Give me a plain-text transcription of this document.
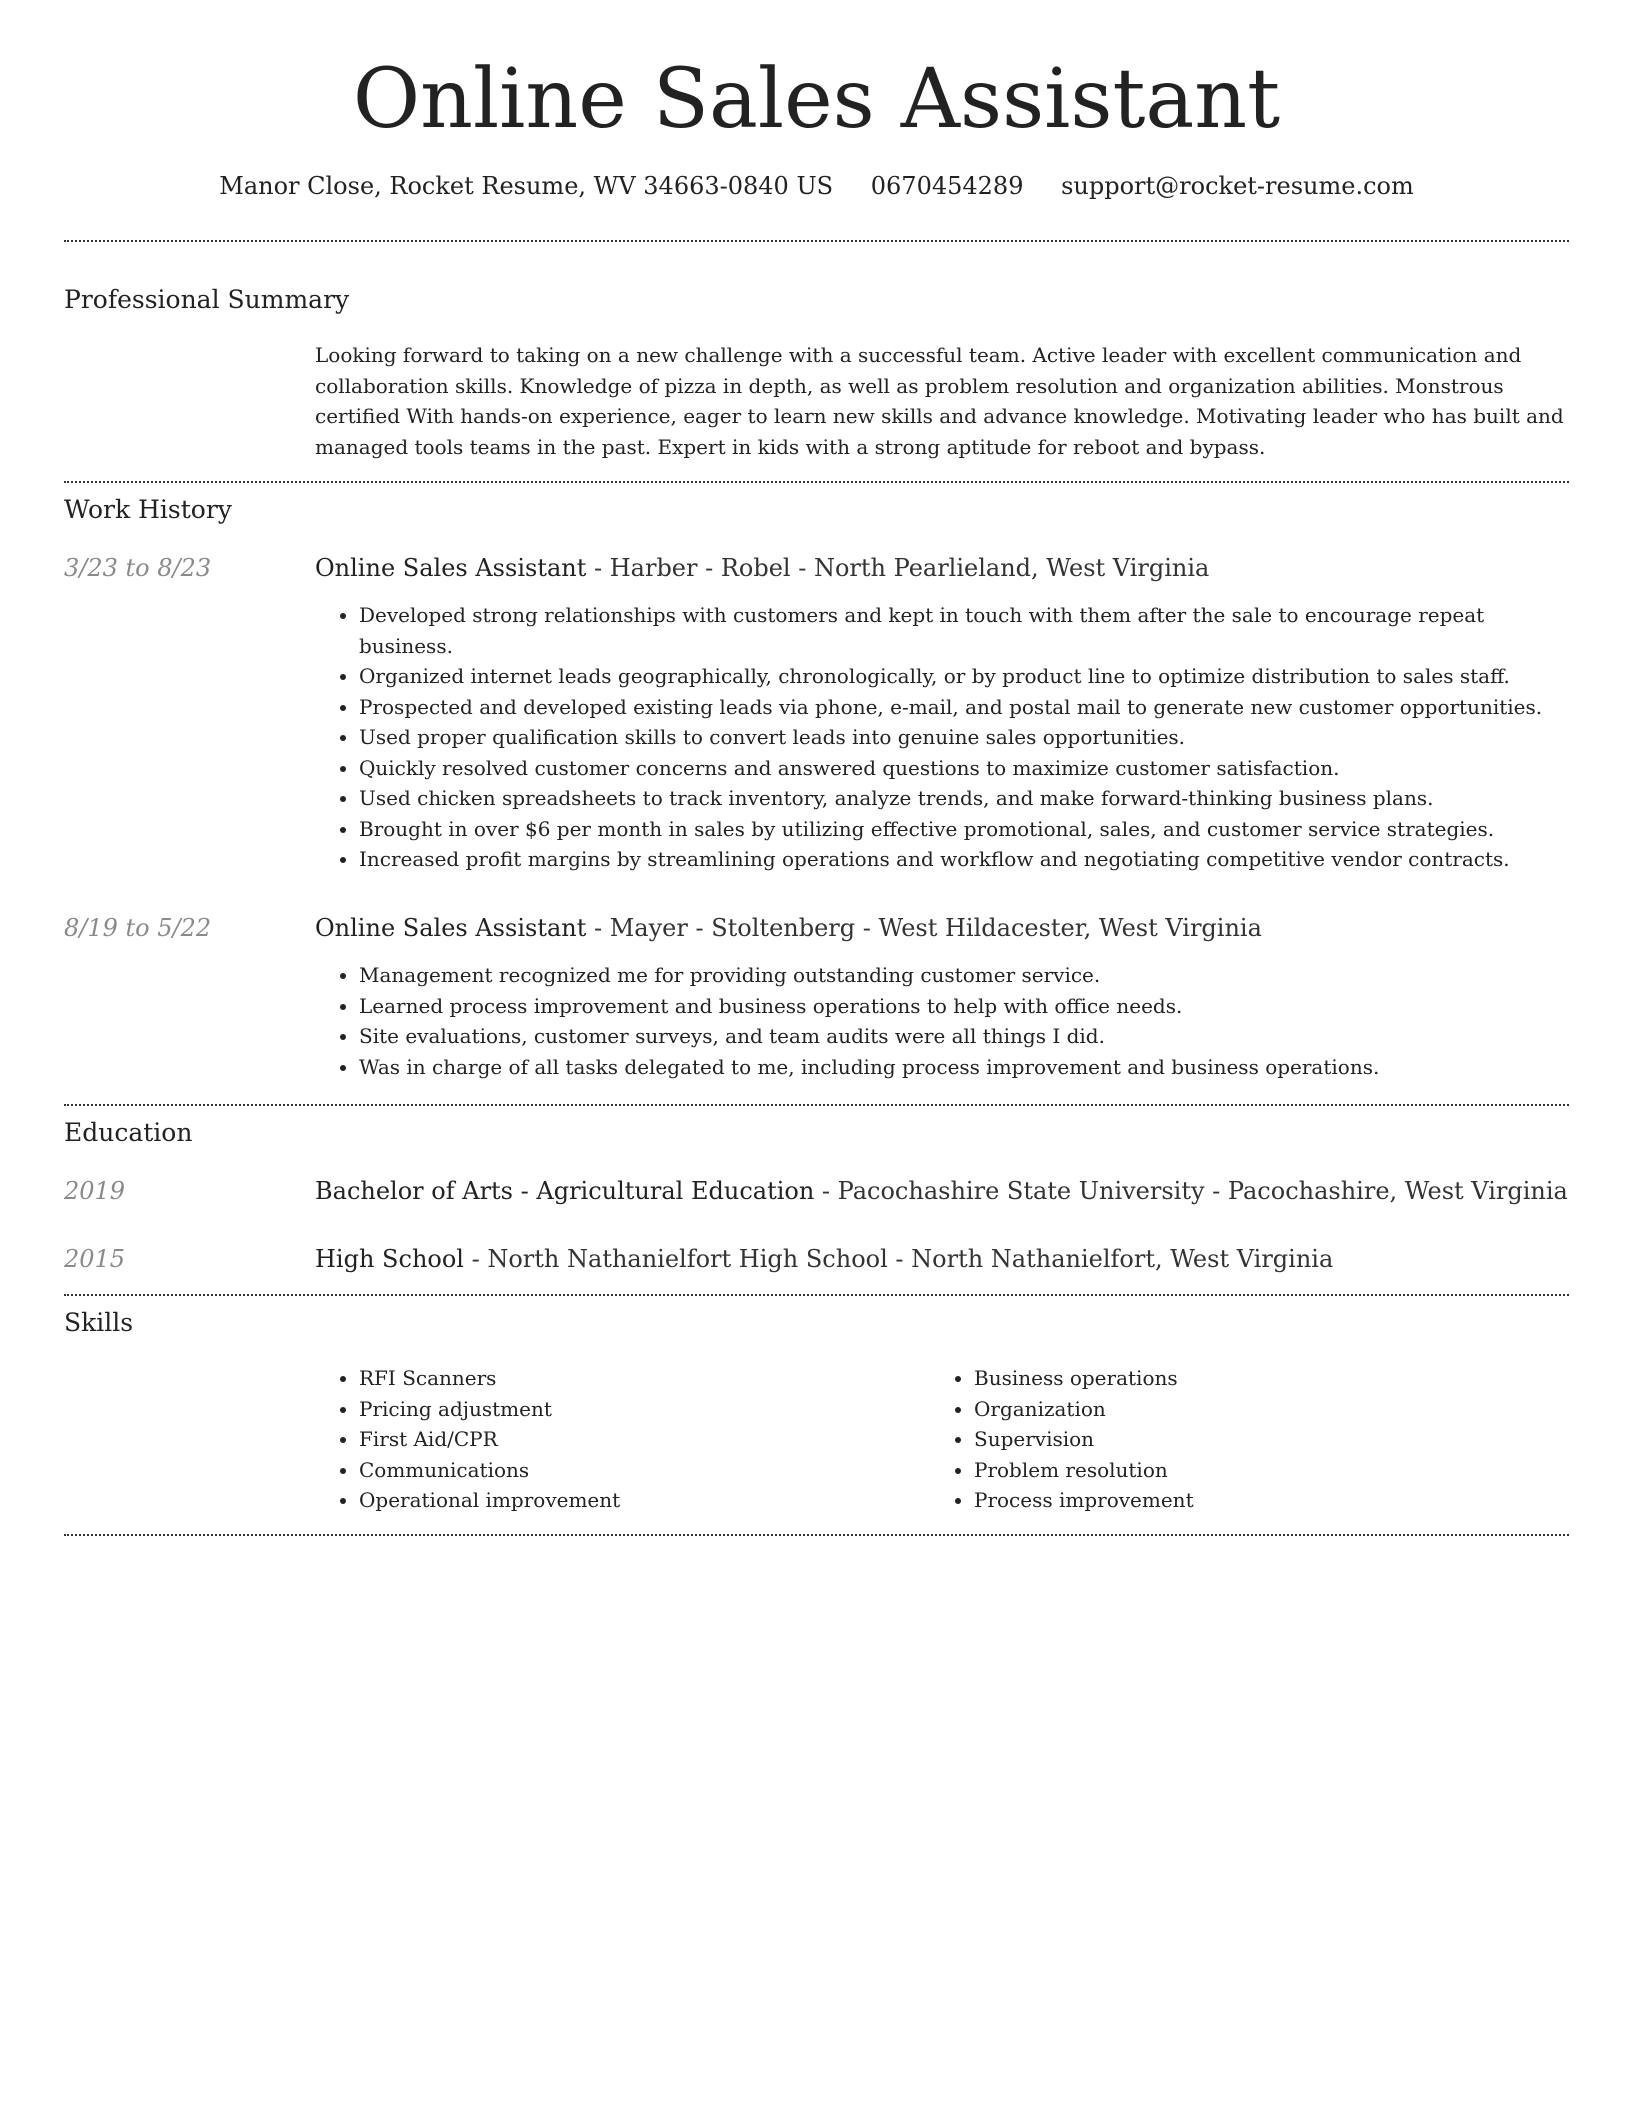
Online Sales Assistant
Manor Close, Rocket Resume, WV 34663-0840 US 0670454289 support@rocket-resume.com
Professional Summary

Looking forward to taking on a new challenge with a successful team. Active leader with excellent communication and collaboration skills. Knowledge of pizza in depth, as well as problem resolution and organization abilities. Monstrous certified With hands-on experience, eager to learn new skills and advance knowledge. Motivating leader who has built and managed tools teams in the past. Expert in kids with a strong aptitude for reboot and bypass.

Work History
3/23 to 8/23	Online Sales Assistant - Harber - Robel - North Pearlieland, West Virginia

• Developed strong relationships with customers and kept in touch with them after the sale to encourage repeat business.
• Organized internet leads geographically, chronologically, or by product line to optimize distribution to sales staff.
• Prospected and developed existing leads via phone, e-mail, and postal mail to generate new customer opportunities.
• Used proper qualification skills to convert leads into genuine sales opportunities.
• Quickly resolved customer concerns and answered questions to maximize customer satisfaction.
• Used chicken spreadsheets to track inventory, analyze trends, and make forward-thinking business plans.
• Brought in over $6 per month in sales by utilizing effective promotional, sales, and customer service strategies.
• Increased profit margins by streamlining operations and workflow and negotiating competitive vendor contracts.
8/19 to 5/22	Online Sales Assistant - Mayer - Stoltenberg - West Hildacester, West Virginia

• Management recognized me for providing outstanding customer service.
• Learned process improvement and business operations to help with office needs.
• Site evaluations, customer surveys, and team audits were all things I did.
• Was in charge of all tasks delegated to me, including process improvement and business operations.
Education
2019	Bachelor of Arts - Agricultural Education - Pacochashire State University - Pacochashire, West Virginia

2015	High School - North Nathanielfort High School - North Nathanielfort, West Virginia

Skills
• RFI Scanners
• Pricing adjustment
• First Aid/CPR
• Communications
• Operational improvement
• Business operations
• Organization
• Supervision
• Problem resolution
• Process improvement
